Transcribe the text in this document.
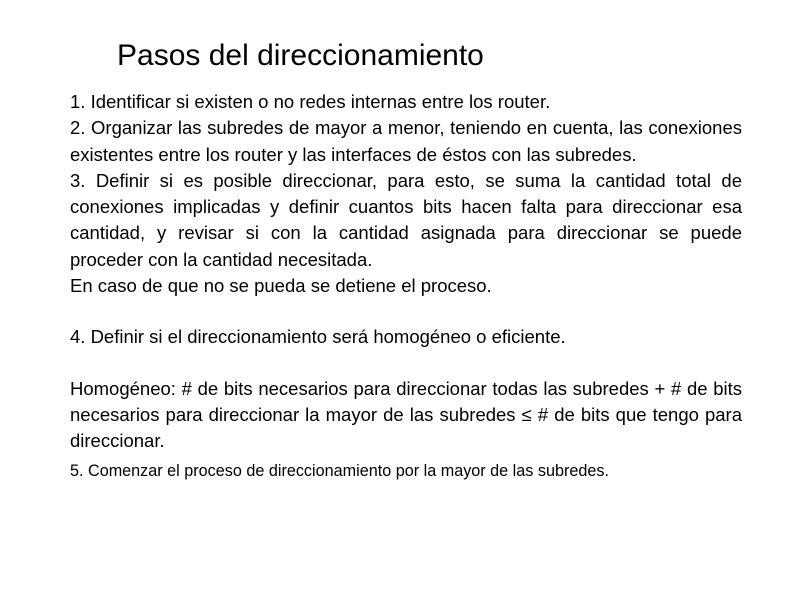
Pasos del direccionamiento

1. Identificar si existen o no redes internas entre los router.

2. Organizar las subredes de mayor a menor, teniendo en cuenta, las conexiones existentes entre los router y las interfaces de éstos con las subredes.

3. Definir si es posible direccionar, para esto, se suma la cantidad total de conexiones implicadas y definir cuantos bits hacen falta para direccionar esa cantidad, y revisar si con la cantidad asignada para direccionar se puede proceder con la cantidad necesitada.

En caso de que no se pueda se detiene el proceso.

4. Definir si el direccionamiento será homogéneo o eficiente.

Homogéneo: # de bits necesarios para direccionar todas las subredes + # de bits necesarios para direccionar la mayor de las subredes ≤ # de bits que tengo para direccionar.

5. Comenzar el proceso de direccionamiento por la mayor de las subredes.
